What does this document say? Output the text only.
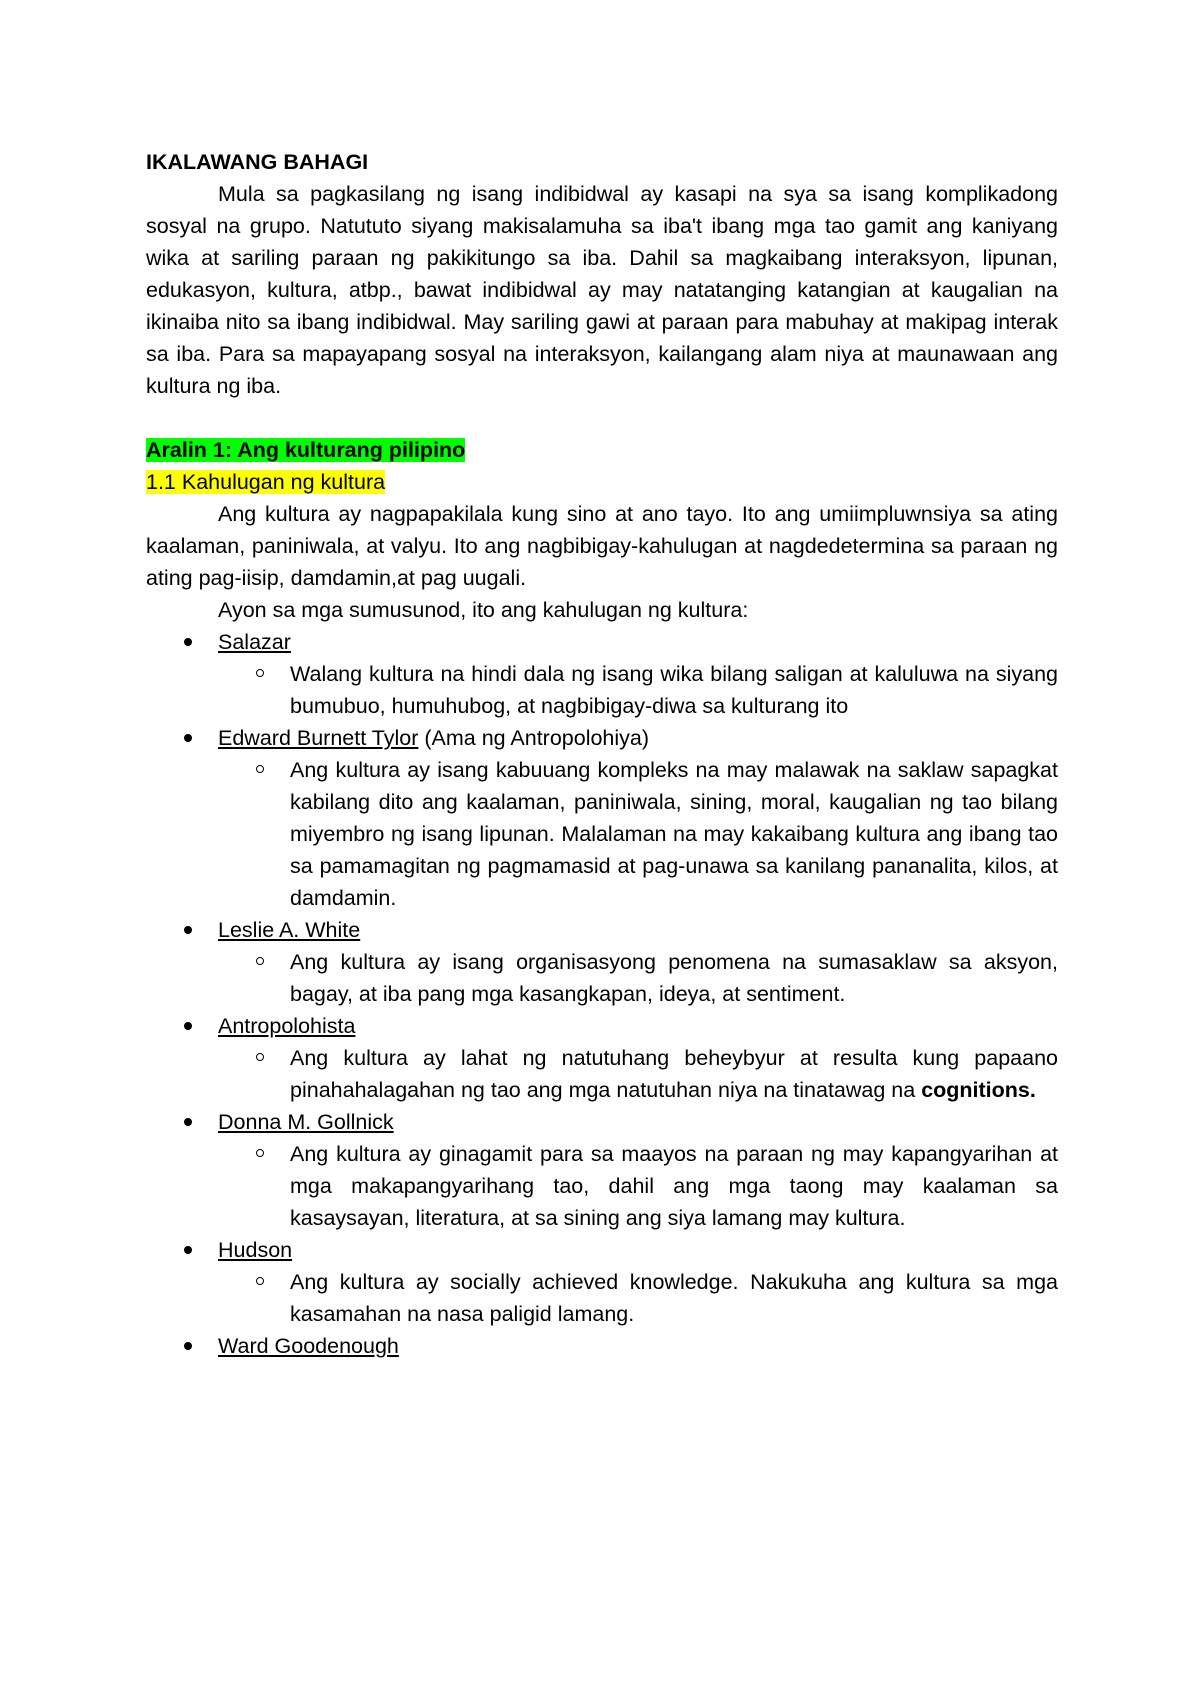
IKALAWANG BAHAGI

Mula sa pagkasilang ng isang indibidwal ay kasapi na sya sa isang komplikadong sosyal na grupo. Natututo siyang makisalamuha sa iba't ibang mga tao gamit ang kaniyang wika at sariling paraan ng pakikitungo sa iba. Dahil sa magkaibang interaksyon, lipunan, edukasyon, kultura, atbp., bawat indibidwal ay may natatanging katangian at kaugalian na ikinaiba nito sa ibang indibidwal. May sariling gawi at paraan para mabuhay at makipag interak sa iba. Para sa mapayapang sosyal na interaksyon, kailangang alam niya at maunawaan ang kultura ng iba.

Aralin 1: Ang kulturang pilipino

1.1 Kahulugan ng kultura

Ang kultura ay nagpapakilala kung sino at ano tayo. Ito ang umiimpluwnsiya sa ating kaalaman, paniniwala, at valyu. Ito ang nagbibigay-kahulugan at nagdedetermina sa paraan ng ating pag-iisip, damdamin,at pag uugali.

Ayon sa mga sumusunod, ito ang kahulugan ng kultura:

Salazar
Walang kultura na hindi dala ng isang wika bilang saligan at kaluluwa na siyang bumubuo, humuhubog, at nagbibigay-diwa sa kulturang ito
Edward Burnett Tylor (Ama ng Antropolohiya)
Ang kultura ay isang kabuuang kompleks na may malawak na saklaw sapagkat kabilang dito ang kaalaman, paniniwala, sining, moral, kaugalian ng tao bilang miyembro ng isang lipunan. Malalaman na may kakaibang kultura ang ibang tao sa pamamagitan ng pagmamasid at pag-unawa sa kanilang pananalita, kilos, at damdamin.
Leslie A. White
Ang kultura ay isang organisasyong penomena na sumasaklaw sa aksyon, bagay, at iba pang mga kasangkapan, ideya, at sentiment.
Antropolohista
Ang kultura ay lahat ng natutuhang beheybyur at resulta kung papaano pinahahalagahan ng tao ang mga natutuhan niya na tinatawag na cognitions.
Donna M. Gollnick
Ang kultura ay ginagamit para sa maayos na paraan ng may kapangyarihan at mga makapangyarihang tao, dahil ang mga taong may kaalaman sa kasaysayan, literatura, at sa sining ang siya lamang may kultura.
Hudson
Ang kultura ay socially achieved knowledge. Nakukuha ang kultura sa mga kasamahan na nasa paligid lamang.
Ward Goodenough
